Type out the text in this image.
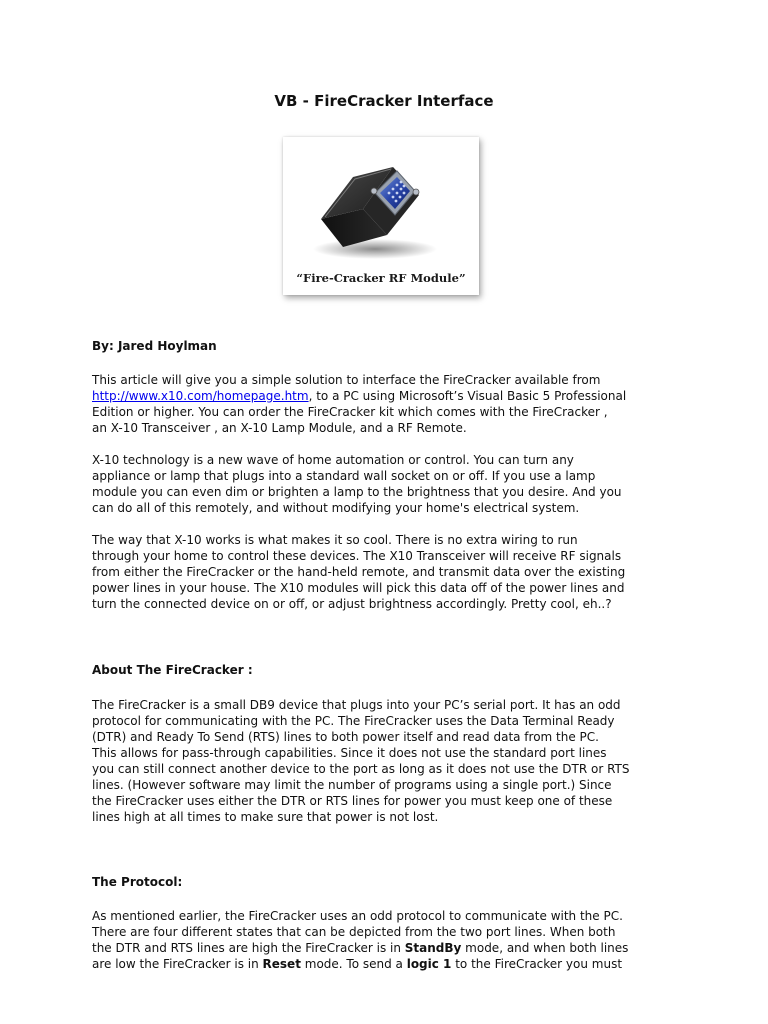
VB - FireCracker Interface
“Fire-Cracker RF Module”
By: Jared Hoylman
This article will give you a simple solution to interface the FireCracker available from
http://www.x10.com/homepage.htm, to a PC using Microsoft’s Visual Basic 5 Professional
Edition or higher. You can order the FireCracker kit which comes with the FireCracker ,
an X-10 Transceiver , an X-10 Lamp Module, and a RF Remote.
X-10 technology is a new wave of home automation or control. You can turn any
appliance or lamp that plugs into a standard wall socket on or off. If you use a lamp
module you can even dim or brighten a lamp to the brightness that you desire. And you
can do all of this remotely, and without modifying your home's electrical system.
The way that X-10 works is what makes it so cool. There is no extra wiring to run
through your home to control these devices. The X10 Transceiver will receive RF signals
from either the FireCracker or the hand-held remote, and transmit data over the existing
power lines in your house. The X10 modules will pick this data off of the power lines and
turn the connected device on or off, or adjust brightness accordingly. Pretty cool, eh..?
About The FireCracker :
The FireCracker is a small DB9 device that plugs into your PC’s serial port. It has an odd
protocol for communicating with the PC. The FireCracker uses the Data Terminal Ready
(DTR) and Ready To Send (RTS) lines to both power itself and read data from the PC.
This allows for pass-through capabilities. Since it does not use the standard port lines
you can still connect another device to the port as long as it does not use the DTR or RTS
lines. (However software may limit the number of programs using a single port.) Since
the FireCracker uses either the DTR or RTS lines for power you must keep one of these
lines high at all times to make sure that power is not lost.
The Protocol:
As mentioned earlier, the FireCracker uses an odd protocol to communicate with the PC.
There are four different states that can be depicted from the two port lines. When both
the DTR and RTS lines are high the FireCracker is in StandBy mode, and when both lines
are low the FireCracker is in Reset mode. To send a logic 1 to the FireCracker you must
